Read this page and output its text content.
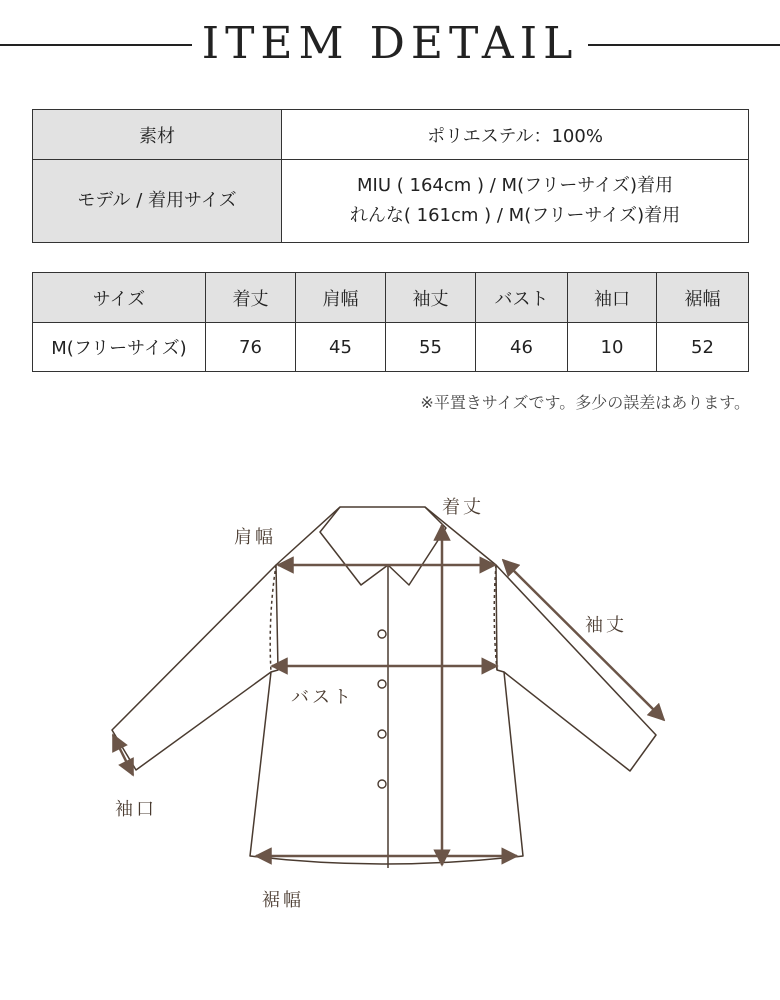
ITEM DETAIL
素材	ポリエステル：100%
モデル / 着用サイズ	MIU ( 164cm ) / M(フリーサイズ)着用
れんな( 161cm ) / M(フリーサイズ)着用
サイズ	着丈	肩幅	袖丈	バスト	袖口	裾幅
M(フリーサイズ)	76	45	55	46	10	52
※平置きサイズです。多少の誤差はあります。
着丈
肩幅
袖丈
バスト
袖口
裾幅
